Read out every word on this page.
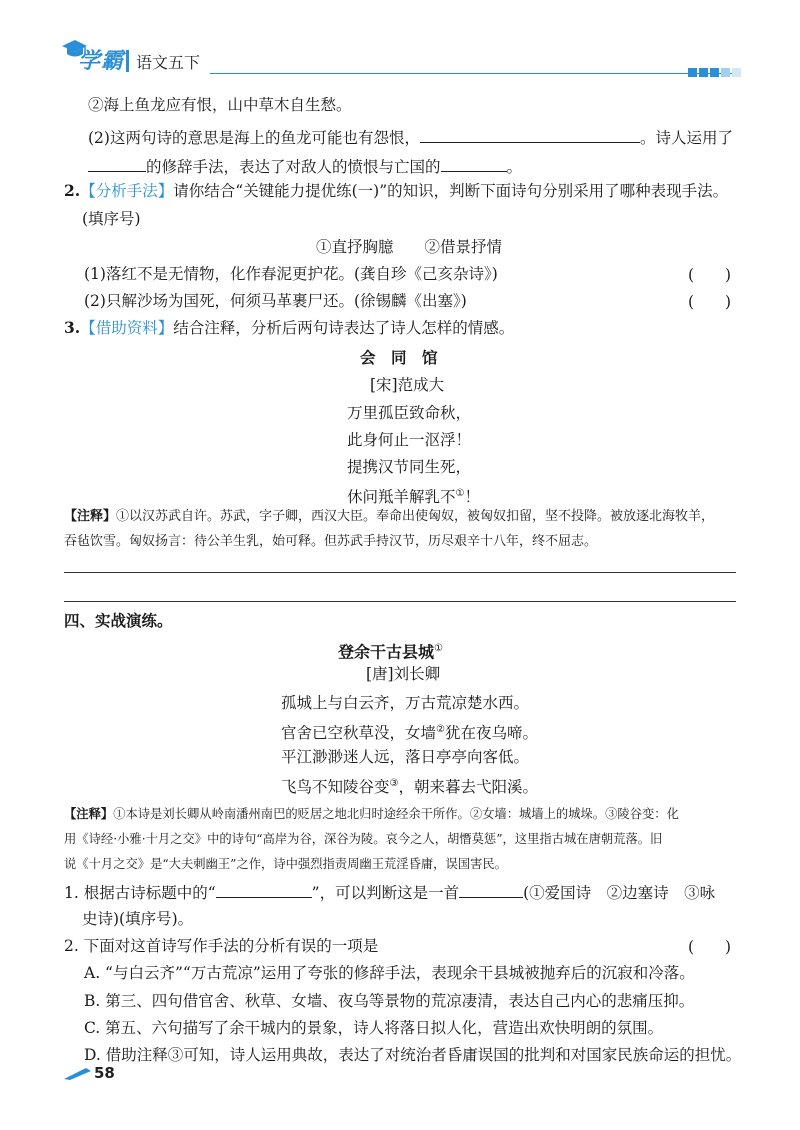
学霸 语文五下
②海上鱼龙应有恨，山中草木自生愁。
(2)这两句诗的意思是海上的鱼龙可能也有怨恨，	。诗人运用了
的修辞手法，表达了对敌人的愤恨与亡国的	。
2.【分析手法】请你结合“关键能力提优练(一)”的知识，判断下面诗句分别采用了哪种表现手法。
(填序号)
①直抒胸臆　　②借景抒情
(1)落红不是无情物，化作春泥更护花。(龚自珍《己亥杂诗》)	(　　)
(2)只解沙场为国死，何须马革裹尸还。(徐锡麟《出塞》)	(　　)
3.【借助资料】结合注释，分析后两句诗表达了诗人怎样的情感。
会　同　馆
[宋]范成大
万里孤臣致命秋，
此身何止一沤浮！
提携汉节同生死，
休问羝羊解乳不①！
【注释】①以汉苏武自许。苏武，字子卿，西汉大臣。奉命出使匈奴，被匈奴扣留，坚不投降。被放逐北海牧羊，
吞毡饮雪。匈奴扬言：待公羊生乳，始可释。但苏武手持汉节，历尽艰辛十八年，终不屈志。
四、实战演练。
登余干古县城①
[唐]刘长卿
孤城上与白云齐，万古荒凉楚水西。
官舍已空秋草没，女墙②犹在夜乌啼。
平江渺渺迷人远，落日亭亭向客低。
飞鸟不知陵谷变③，朝来暮去弋阳溪。
【注释】①本诗是刘长卿从岭南潘州南巴的贬居之地北归时途经余干所作。②女墙：城墙上的城垛。③陵谷变：化
用《诗经·小雅·十月之交》中的诗句“高岸为谷，深谷为陵。哀今之人，胡憯莫惩”，这里指古城在唐朝荒落。旧
说《十月之交》是“大夫刺幽王”之作，诗中强烈指责周幽王荒淫昏庸，误国害民。
1. 根据古诗标题中的“	”，可以判断这是一首	(①爱国诗　②边塞诗　③咏
史诗)(填序号)。
2. 下面对这首诗写作手法的分析有误的一项是	(　　)
A. “与白云齐”“万古荒凉”运用了夸张的修辞手法，表现余干县城被抛弃后的沉寂和冷落。
B. 第三、四句借官舍、秋草、女墙、夜乌等景物的荒凉凄清，表达自己内心的悲痛压抑。
C. 第五、六句描写了余干城内的景象，诗人将落日拟人化，营造出欢快明朗的氛围。
D. 借助注释③可知，诗人运用典故，表达了对统治者昏庸误国的批判和对国家民族命运的担忧。
58
